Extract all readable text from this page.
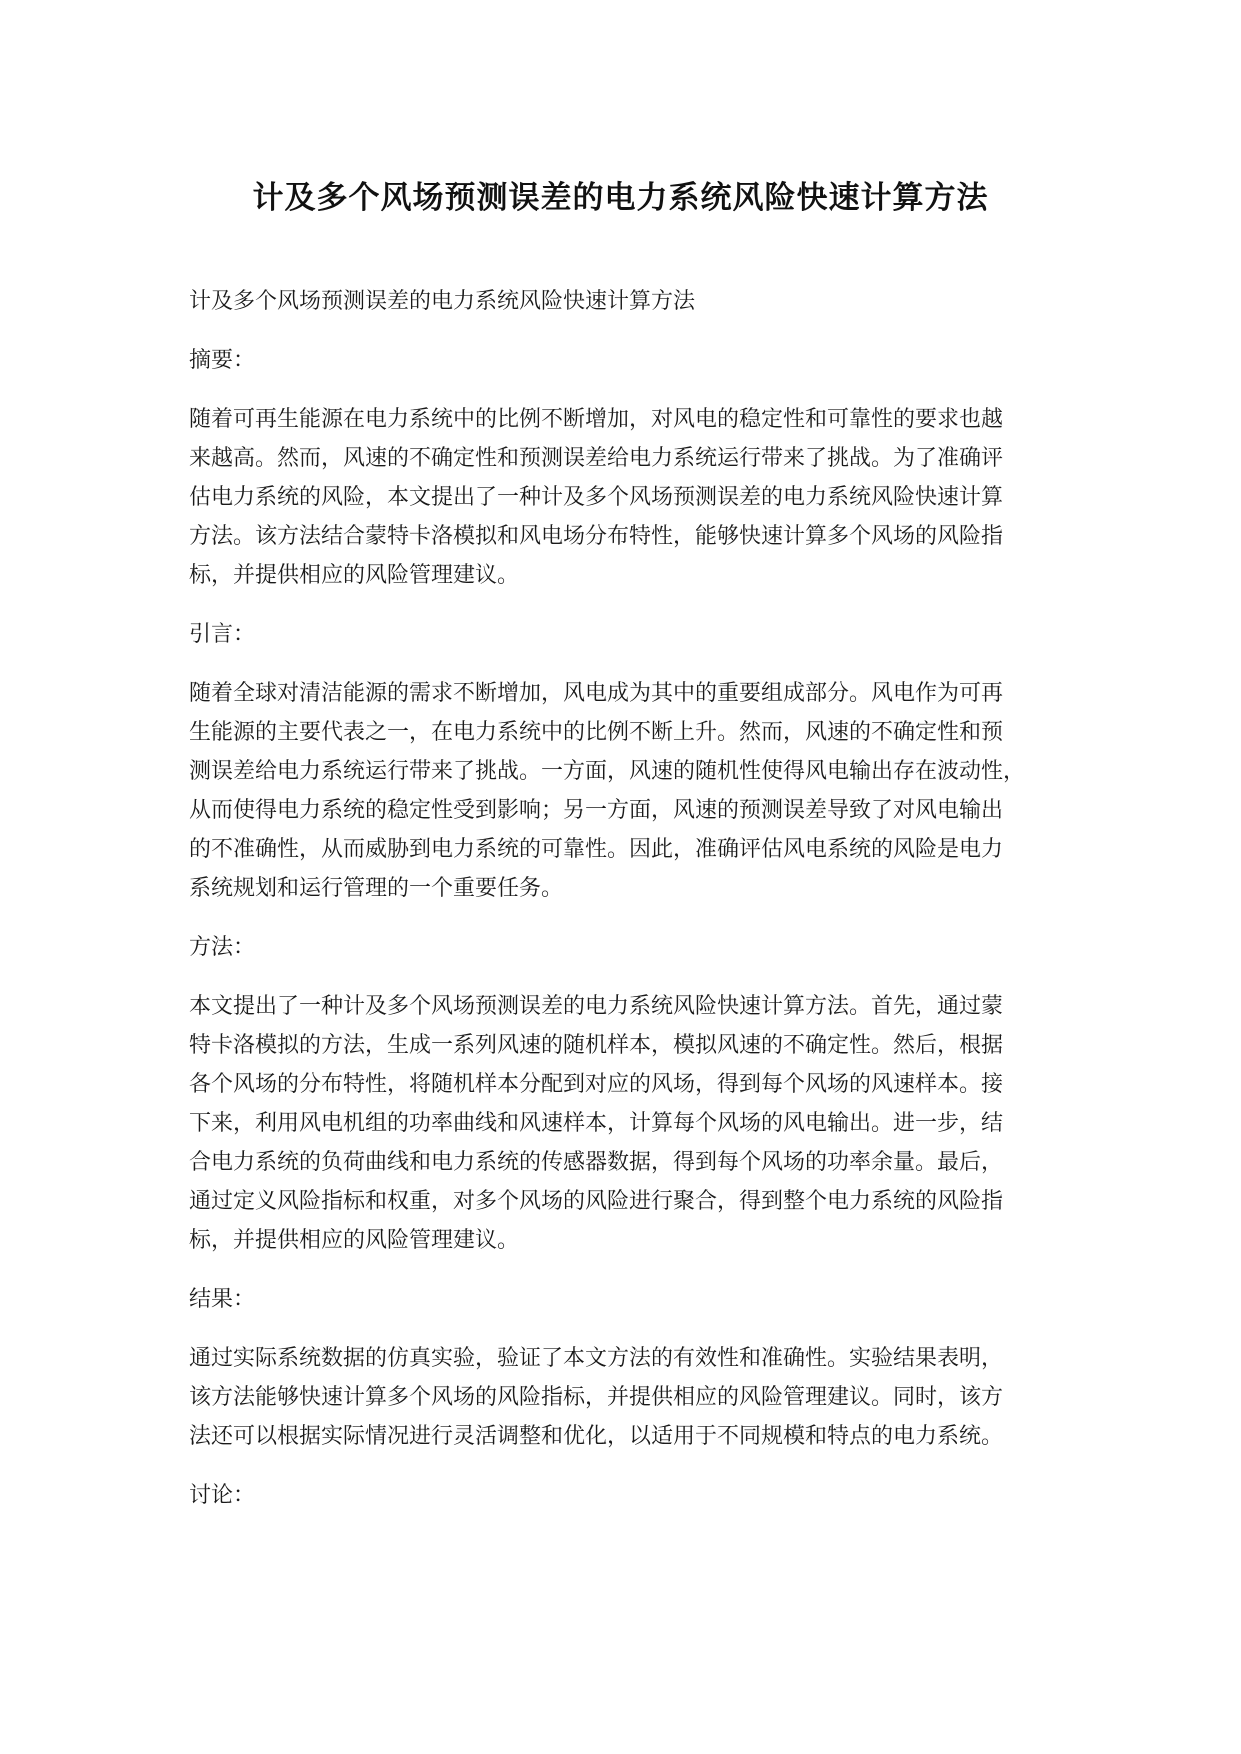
计及多个风场预测误差的电力系统风险快速计算方法
计及多个风场预测误差的电力系统风险快速计算方法
摘要：
随着可再生能源在电力系统中的比例不断增加，对风电的稳定性和可靠性的要求也越
来越高。然而，风速的不确定性和预测误差给电力系统运行带来了挑战。为了准确评
估电力系统的风险，本文提出了一种计及多个风场预测误差的电力系统风险快速计算
方法。该方法结合蒙特卡洛模拟和风电场分布特性，能够快速计算多个风场的风险指
标，并提供相应的风险管理建议。
引言：
随着全球对清洁能源的需求不断增加，风电成为其中的重要组成部分。风电作为可再
生能源的主要代表之一，在电力系统中的比例不断上升。然而，风速的不确定性和预
测误差给电力系统运行带来了挑战。一方面，风速的随机性使得风电输出存在波动性，
从而使得电力系统的稳定性受到影响；另一方面，风速的预测误差导致了对风电输出
的不准确性，从而威胁到电力系统的可靠性。因此，准确评估风电系统的风险是电力
系统规划和运行管理的一个重要任务。
方法：
本文提出了一种计及多个风场预测误差的电力系统风险快速计算方法。首先，通过蒙
特卡洛模拟的方法，生成一系列风速的随机样本，模拟风速的不确定性。然后，根据
各个风场的分布特性，将随机样本分配到对应的风场，得到每个风场的风速样本。接
下来，利用风电机组的功率曲线和风速样本，计算每个风场的风电输出。进一步，结
合电力系统的负荷曲线和电力系统的传感器数据，得到每个风场的功率余量。最后，
通过定义风险指标和权重，对多个风场的风险进行聚合，得到整个电力系统的风险指
标，并提供相应的风险管理建议。
结果：
通过实际系统数据的仿真实验，验证了本文方法的有效性和准确性。实验结果表明，
该方法能够快速计算多个风场的风险指标，并提供相应的风险管理建议。同时，该方
法还可以根据实际情况进行灵活调整和优化，以适用于不同规模和特点的电力系统。
讨论：
